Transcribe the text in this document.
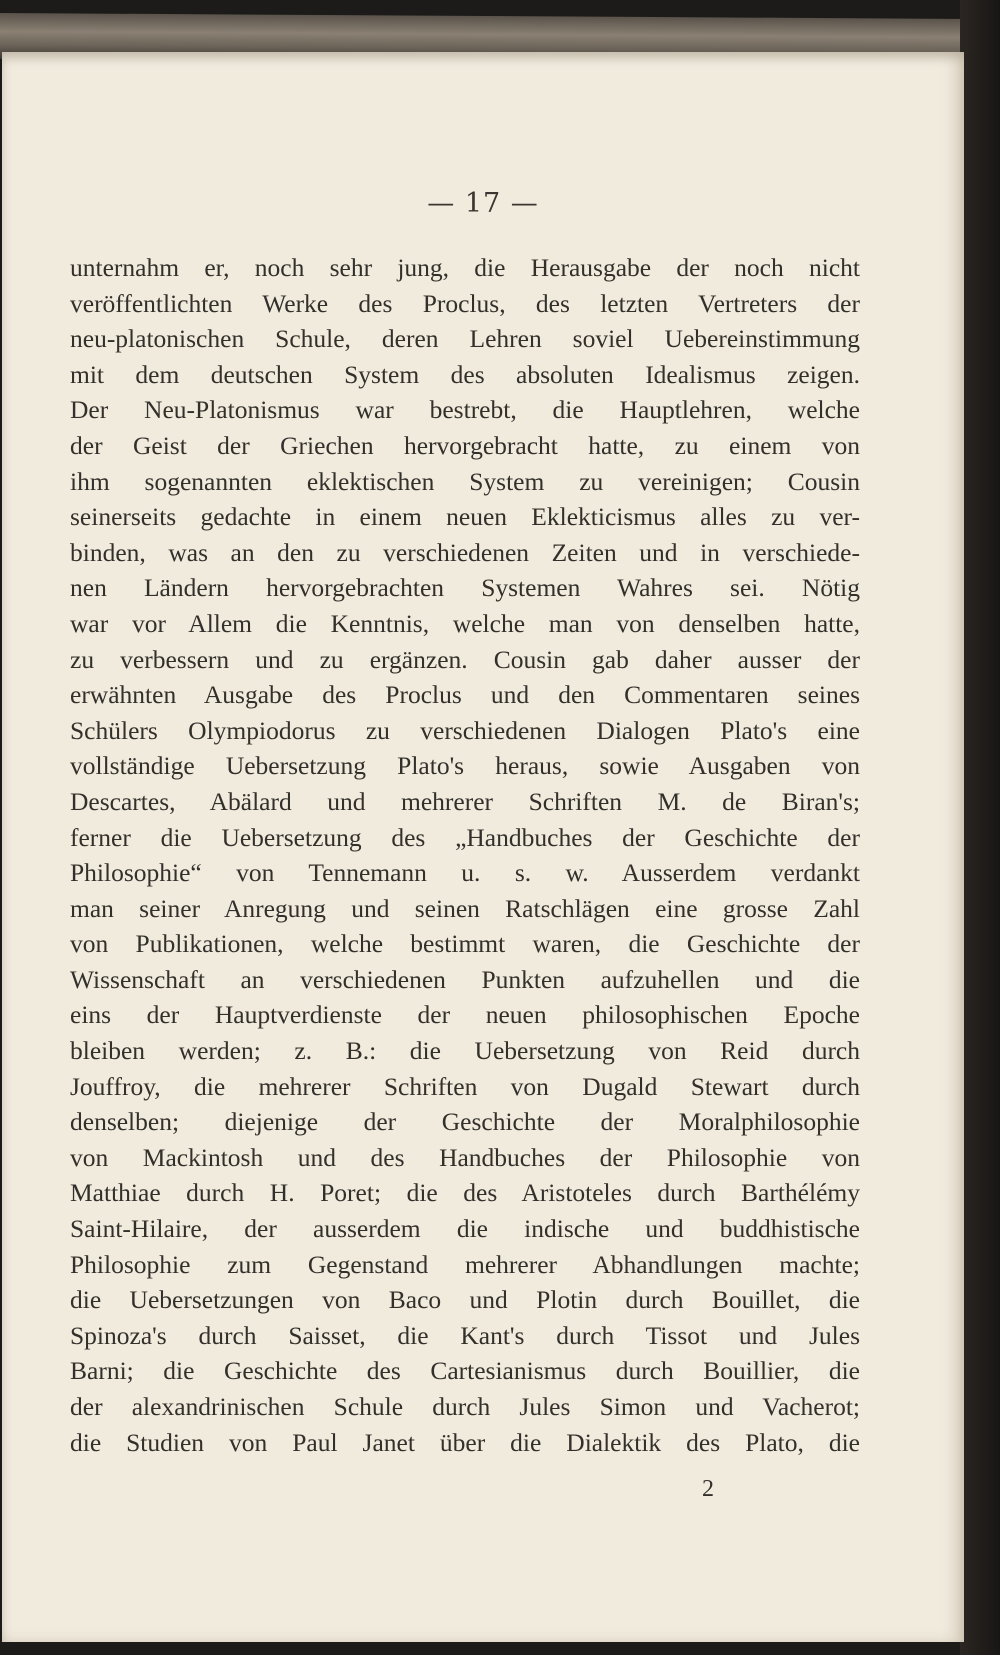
— 17 —
unternahm er, noch sehr jung, die Herausgabe der noch nicht
veröffentlichten Werke des Proclus, des letzten Vertreters der
neu-platonischen Schule, deren Lehren soviel Uebereinstimmung
mit dem deutschen System des absoluten Idealismus zeigen.
Der Neu-Platonismus war bestrebt, die Hauptlehren, welche
der Geist der Griechen hervorgebracht hatte, zu einem von
ihm sogenannten eklektischen System zu vereinigen; Cousin
seinerseits gedachte in einem neuen Eklekticismus alles zu ver-
binden, was an den zu verschiedenen Zeiten und in verschiede-
nen Ländern hervorgebrachten Systemen Wahres sei. Nötig
war vor Allem die Kenntnis, welche man von denselben hatte,
zu verbessern und zu ergänzen. Cousin gab daher ausser der
erwähnten Ausgabe des Proclus und den Commentaren seines
Schülers Olympiodorus zu verschiedenen Dialogen Plato's eine
vollständige Uebersetzung Plato's heraus, sowie Ausgaben von
Descartes, Abälard und mehrerer Schriften M. de Biran's;
ferner die Uebersetzung des „Handbuches der Geschichte der
Philosophie“ von Tennemann u. s. w. Ausserdem verdankt
man seiner Anregung und seinen Ratschlägen eine grosse Zahl
von Publikationen, welche bestimmt waren, die Geschichte der
Wissenschaft an verschiedenen Punkten aufzuhellen und die
eins der Hauptverdienste der neuen philosophischen Epoche
bleiben werden; z. B.: die Uebersetzung von Reid durch
Jouffroy, die mehrerer Schriften von Dugald Stewart durch
denselben; diejenige der Geschichte der Moralphilosophie
von Mackintosh und des Handbuches der Philosophie von
Matthiae durch H. Poret; die des Aristoteles durch Barthélémy
Saint-Hilaire, der ausserdem die indische und buddhistische
Philosophie zum Gegenstand mehrerer Abhandlungen machte;
die Uebersetzungen von Baco und Plotin durch Bouillet, die
Spinoza's durch Saisset, die Kant's durch Tissot und Jules
Barni; die Geschichte des Cartesianismus durch Bouillier, die
der alexandrinischen Schule durch Jules Simon und Vacherot;
die Studien von Paul Janet über die Dialektik des Plato, die
2
